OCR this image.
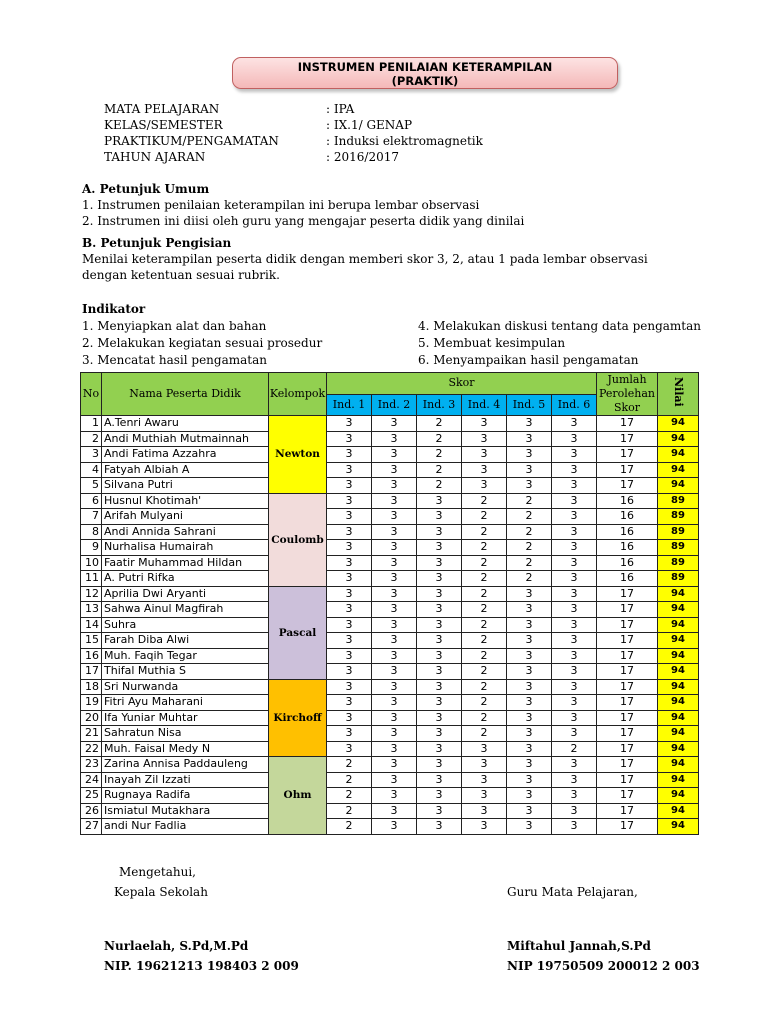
INSTRUMEN PENILAIAN KETERAMPILAN
(PRAKTIK)
MATA PELAJARAN	: IPA
KELAS/SEMESTER	: IX.1/ GENAP
PRAKTIKUM/PENGAMATAN	: Induksi elektromagnetik
TAHUN AJARAN	: 2016/2017
A. Petunjuk Umum
1. Instrumen penilaian keterampilan ini berupa lembar observasi
2. Instrumen ini diisi oleh guru yang mengajar peserta didik yang dinilai
B. Petunjuk Pengisian
Menilai keterampilan peserta didik dengan memberi skor 3, 2, atau 1 pada lembar observasi
dengan ketentuan sesuai rubrik.
Indikator
1. Menyiapkan alat dan bahan	4. Melakukan diskusi tentang data pengamtan
2. Melakukan kegiatan sesuai prosedur	5. Membuat kesimpulan
3. Mencatat hasil pengamatan	6. Menyampaikan hasil pengamatan
No	Nama Peserta Didik	Kelompok	Skor						Jumlah Perolehan Skor	Nilai
			Ind. 1	Ind. 2	Ind. 3	Ind. 4	Ind. 5	Ind. 6		
1	A.Tenri Awaru	Newton	3	3	2	3	3	3	17	94
2	Andi Muthiah Mutmainnah		3	3	2	3	3	3	17	94
3	Andi Fatima Azzahra		3	3	2	3	3	3	17	94
4	Fatyah Albiah A		3	3	2	3	3	3	17	94
5	Silvana Putri		3	3	2	3	3	3	17	94
6	Husnul Khotimah'	Coulomb	3	3	3	2	2	3	16	89
7	Arifah Mulyani		3	3	3	2	2	3	16	89
8	Andi Annida Sahrani		3	3	3	2	2	3	16	89
9	Nurhalisa Humairah		3	3	3	2	2	3	16	89
10	Faatir Muhammad Hildan		3	3	3	2	2	3	16	89
11	A. Putri Rifka		3	3	3	2	2	3	16	89
12	Aprilia Dwi Aryanti	Pascal	3	3	3	2	3	3	17	94
13	Sahwa Ainul Magfirah		3	3	3	2	3	3	17	94
14	Suhra		3	3	3	2	3	3	17	94
15	Farah Diba Alwi		3	3	3	2	3	3	17	94
16	Muh. Faqih Tegar		3	3	3	2	3	3	17	94
17	Thifal Muthia S		3	3	3	2	3	3	17	94
18	Sri Nurwanda	Kirchoff	3	3	3	2	3	3	17	94
19	Fitri Ayu Maharani		3	3	3	2	3	3	17	94
20	Ifa Yuniar Muhtar		3	3	3	2	3	3	17	94
21	Sahratun Nisa		3	3	3	2	3	3	17	94
22	Muh. Faisal Medy N		3	3	3	3	3	2	17	94
23	Zarina Annisa Paddauleng	Ohm	2	3	3	3	3	3	17	94
24	Inayah Zil Izzati		2	3	3	3	3	3	17	94
25	Rugnaya Radifa		2	3	3	3	3	3	17	94
26	Ismiatul Mutakhara		2	3	3	3	3	3	17	94
27	andi Nur Fadlia		2	3	3	3	3	3	17	94
Mengetahui,
Kepala Sekolah
Nurlaelah, S.Pd,M.Pd
NIP. 19621213 198403 2 009
Guru Mata Pelajaran,
Miftahul Jannah,S.Pd
NIP 19750509 200012 2 003
